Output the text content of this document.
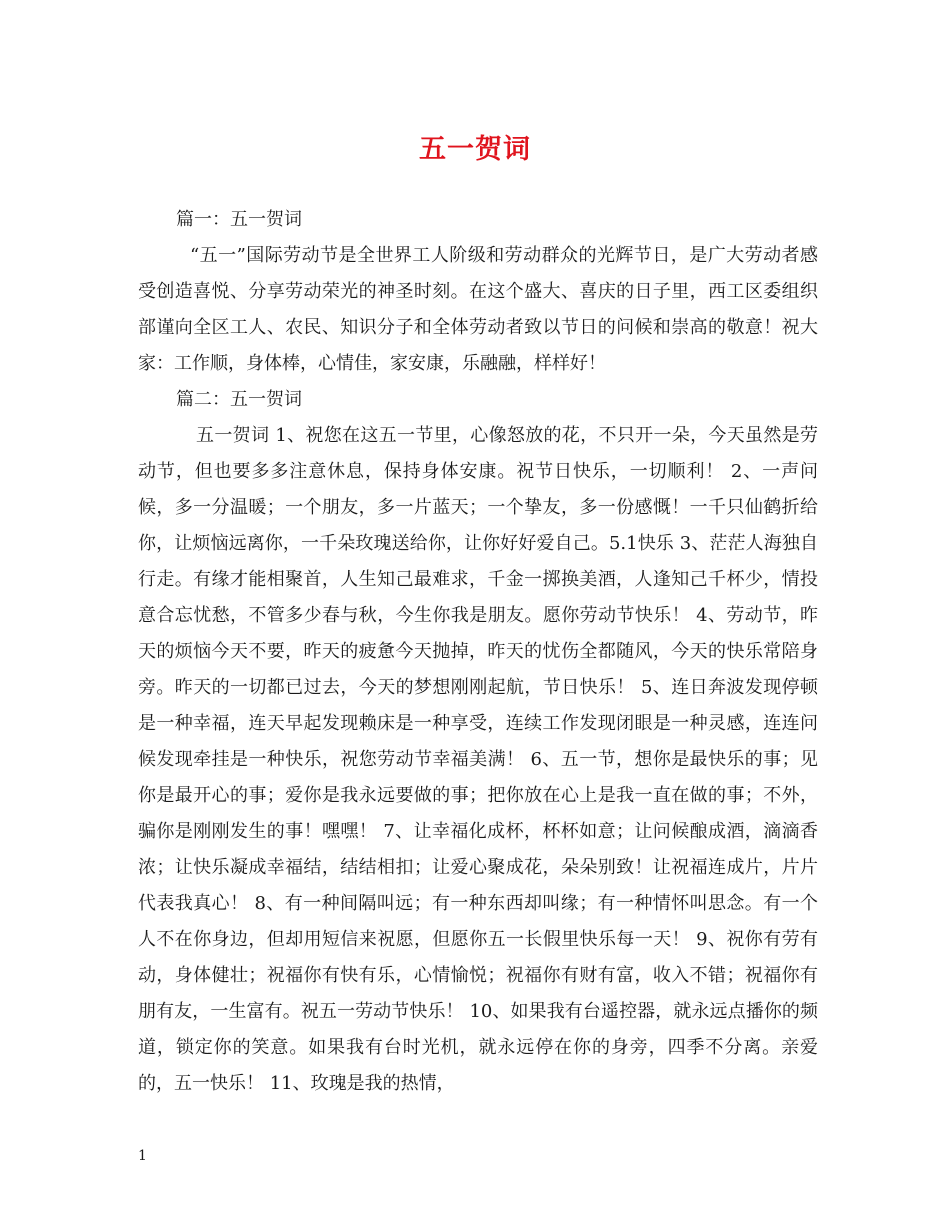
五一贺词

篇一：五一贺词

“五一”国际劳动节是全世界工人阶级和劳动群众的光辉节日，是广大劳动者感受创造喜悦、分享劳动荣光的神圣时刻。在这个盛大、喜庆的日子里，西工区委组织部谨向全区工人、农民、知识分子和全体劳动者致以节日的问候和崇高的敬意！祝大家：工作顺，身体棒，心情佳，家安康，乐融融，样样好！

篇二：五一贺词

五一贺词 1、祝您在这五一节里，心像怒放的花，不只开一朵，今天虽然是劳动节，但也要多多注意休息，保持身体安康。祝节日快乐，一切顺利！ 2、一声问候，多一分温暖；一个朋友，多一片蓝天；一个挚友，多一份感慨！一千只仙鹤折给你，让烦恼远离你，一千朵玫瑰送给你，让你好好爱自己。5.1快乐 3、茫茫人海独自行走。有缘才能相聚首，人生知己最难求，千金一掷换美酒，人逢知己千杯少，情投意合忘忧愁，不管多少春与秋，今生你我是朋友。愿你劳动节快乐！ 4、劳动节，昨天的烦恼今天不要，昨天的疲惫今天抛掉，昨天的忧伤全都随风，今天的快乐常陪身旁。昨天的一切都已过去，今天的梦想刚刚起航，节日快乐！ 5、连日奔波发现停顿是一种幸福，连天早起发现赖床是一种享受，连续工作发现闭眼是一种灵感，连连问候发现牵挂是一种快乐，祝您劳动节幸福美满！ 6、五一节，想你是最快乐的事；见你是最开心的事；爱你是我永远要做的事；把你放在心上是我一直在做的事；不外，骗你是刚刚发生的事！嘿嘿！ 7、让幸福化成杯，杯杯如意；让问候酿成酒，滴滴香浓；让快乐凝成幸福结，结结相扣；让爱心聚成花，朵朵别致！让祝福连成片，片片代表我真心！ 8、有一种间隔叫远；有一种东西却叫缘；有一种情怀叫思念。有一个人不在你身边，但却用短信来祝愿，但愿你五一长假里快乐每一天！ 9、祝你有劳有动，身体健壮；祝福你有快有乐，心情愉悦；祝福你有财有富，收入不错；祝福你有朋有友，一生富有。祝五一劳动节快乐！ 10、如果我有台遥控器，就永远点播你的频道，锁定你的笑意。如果我有台时光机，就永远停在你的身旁，四季不分离。亲爱的，五一快乐！ 11、玫瑰是我的热情，

1
